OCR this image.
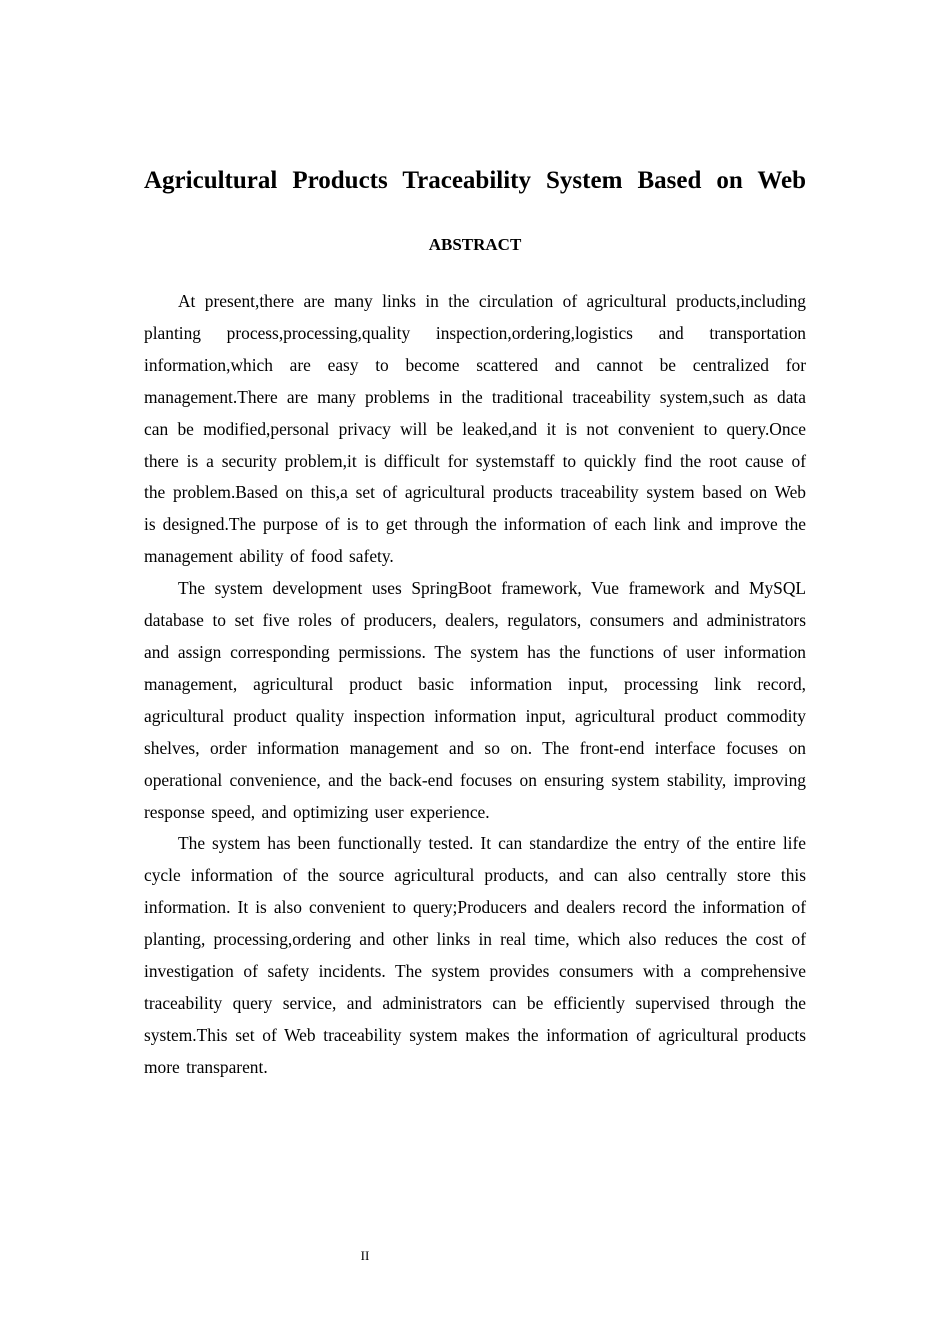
Agricultural Products Traceability System Based on Web
ABSTRACT

At present,there are many links in the circulation of agricultural products,including planting process,processing,quality inspection,ordering,logistics and transportation information,which are easy to become scattered and cannot be centralized for management.There are many problems in the traditional traceability system,such as data can be modified,personal privacy will be leaked,and it is not convenient to query.Once there is a security problem,it is difficult for systemstaff to quickly find the root cause of the problem.Based on this,a set of agricultural products traceability system based on Web is designed.The purpose of is to get through the information of each link and improve the management ability of food safety.

The system development uses SpringBoot framework, Vue framework and MySQL database to set five roles of producers, dealers, regulators, consumers and administrators and assign corresponding permissions. The system has the functions of user information management, agricultural product basic information input, processing link record, agricultural product quality inspection information input, agricultural product commodity shelves, order information management and so on. The front-end interface focuses on operational convenience, and the back-end focuses on ensuring system stability, improving response speed, and optimizing user experience.

The system has been functionally tested. It can standardize the entry of the entire life cycle information of the source agricultural products, and can also centrally store this information. It is also convenient to query;Producers and dealers record the information of planting, processing,ordering and other links in real time, which also reduces the cost of investigation of safety incidents. The system provides consumers with a comprehensive traceability query service, and administrators can be efficiently supervised through the system.This set of Web traceability system makes the information of agricultural products more transparent.

II
